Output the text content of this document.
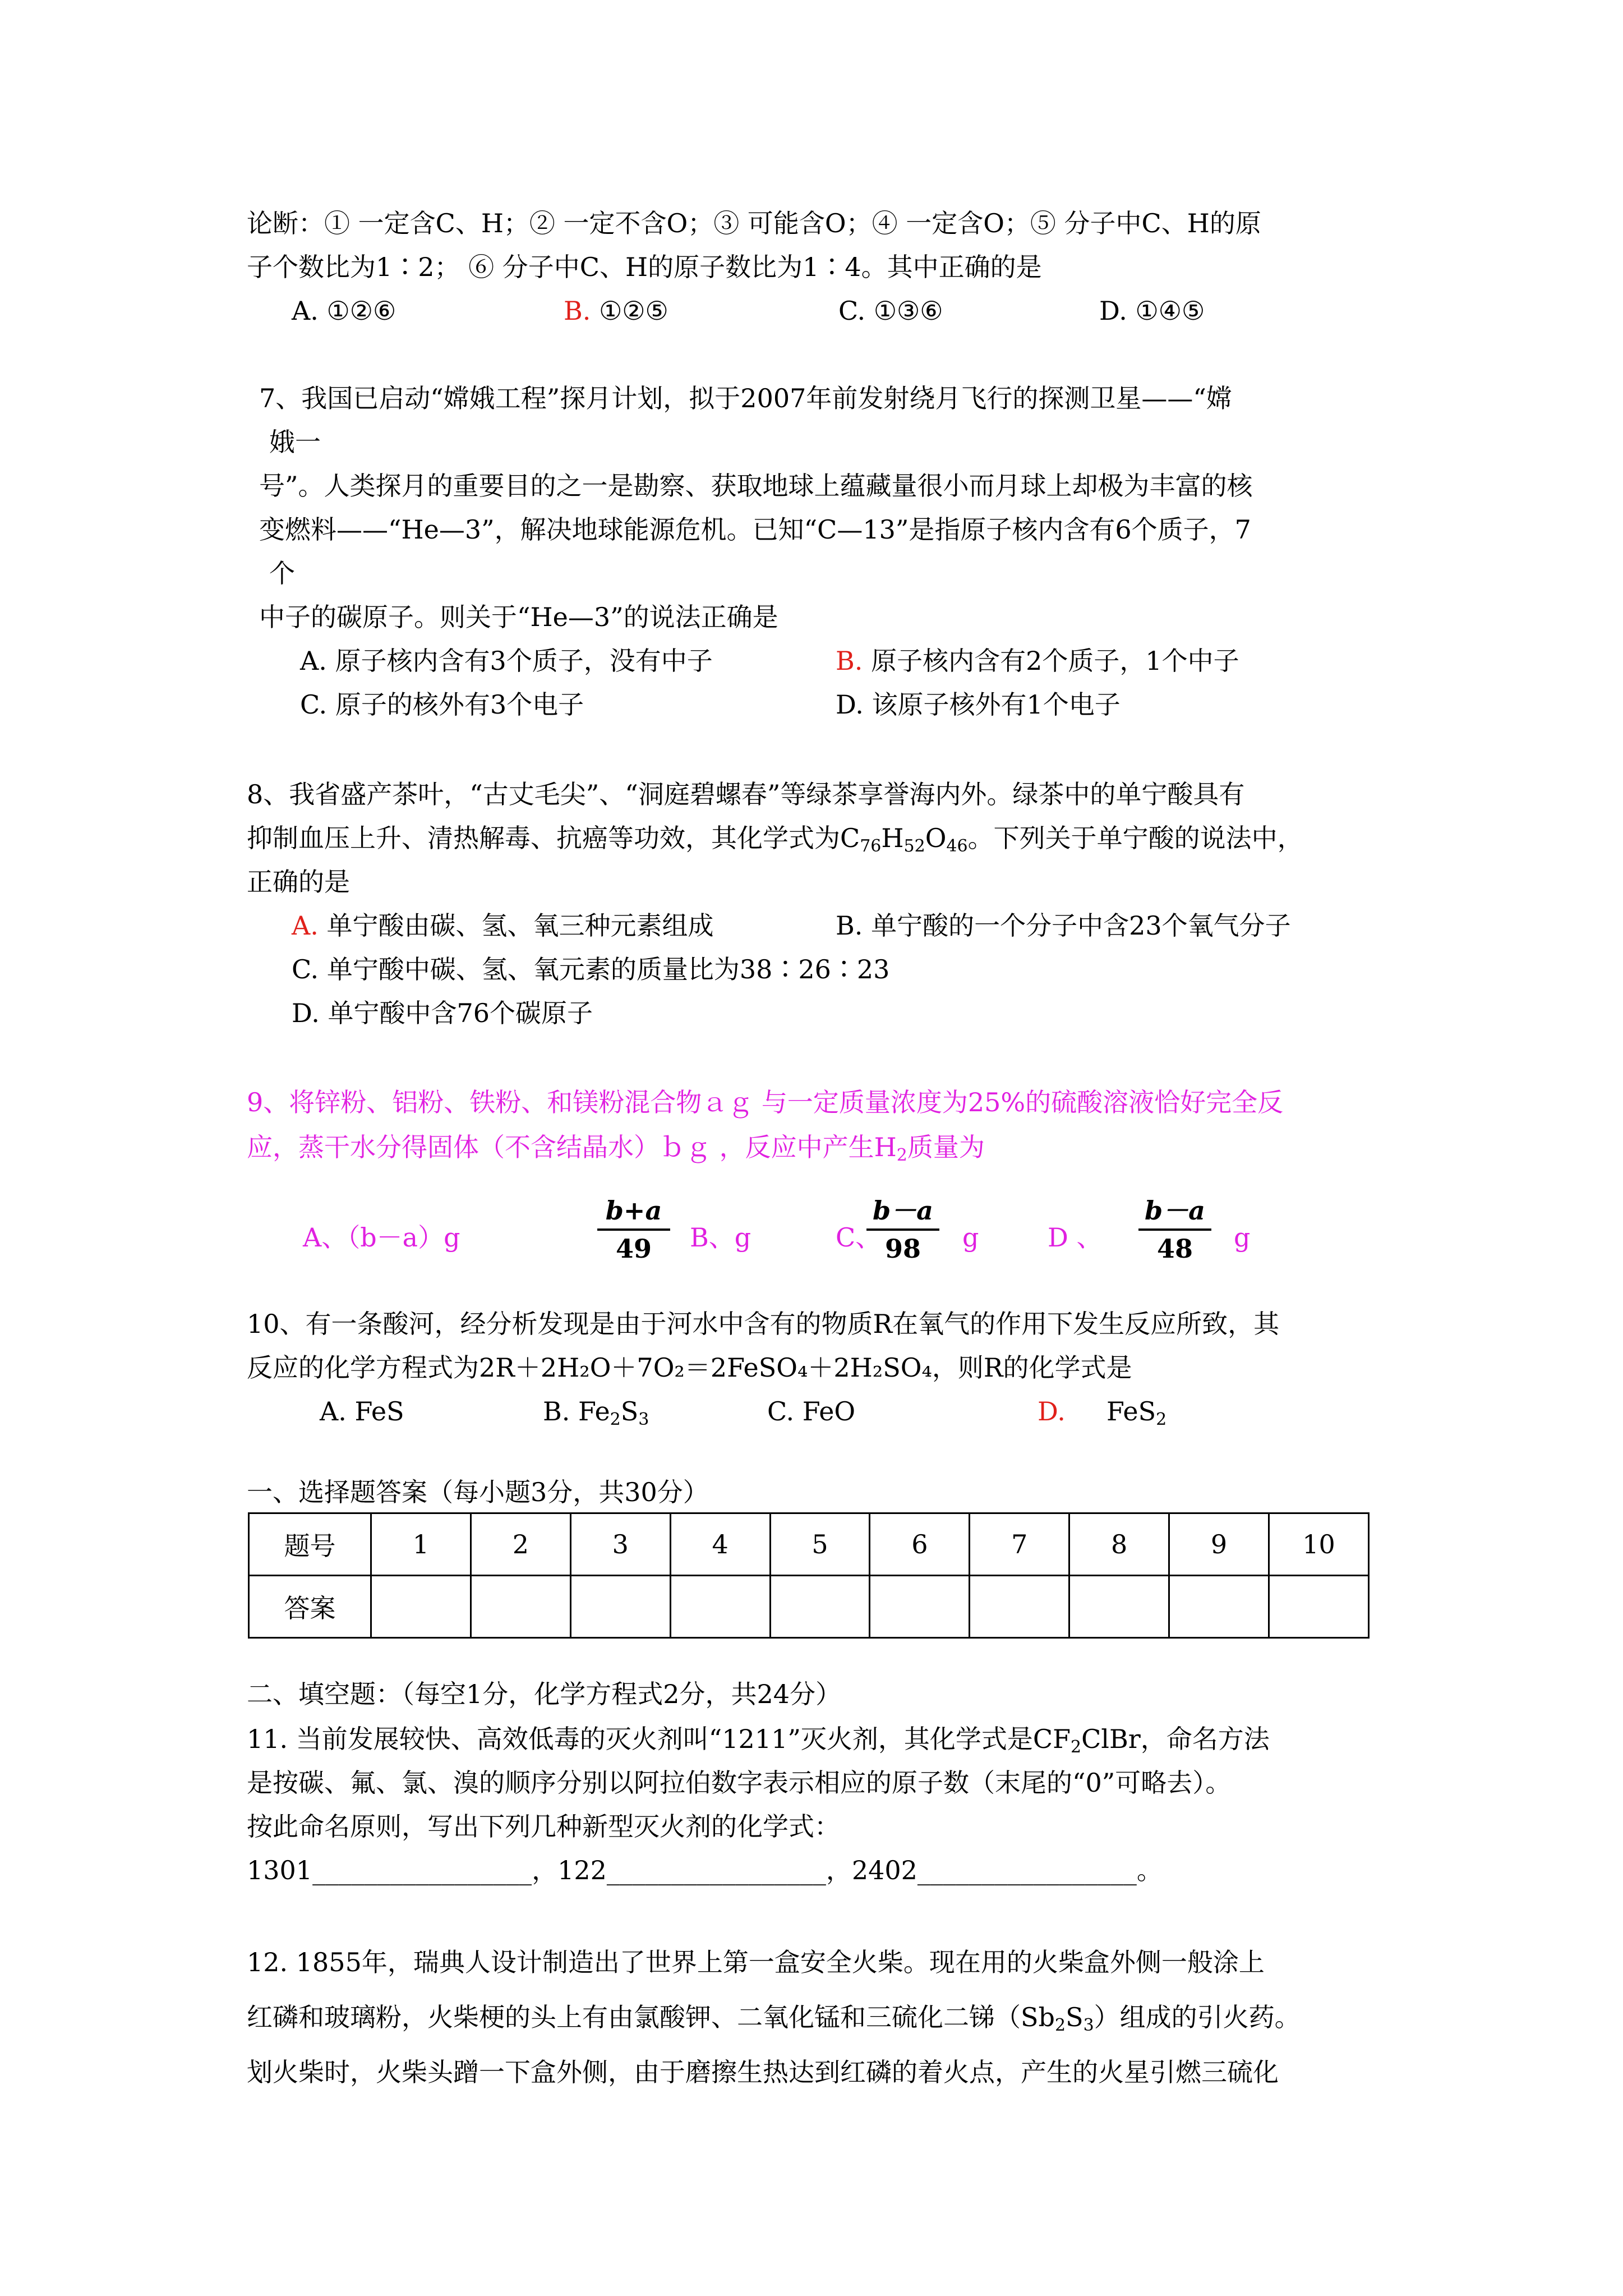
论断：① 一定含C、H；② 一定不含O；③ 可能含O；④ 一定含O；⑤ 分子中C、H的原
子个数比为1∶2； ⑥ 分子中C、H的原子数比为1∶4。其中正确的是
A. ①②⑥	B. ①②⑤	C. ①③⑥	D. ①④⑤
7、我国已启动“嫦娥工程”探月计划，拟于2007年前发射绕月飞行的探测卫星——“嫦
娥一
号”。人类探月的重要目的之一是勘察、获取地球上蕴藏量很小而月球上却极为丰富的核
变燃料——“He—3”，解决地球能源危机。已知“C—13”是指原子核内含有6个质子，7
个
中子的碳原子。则关于“He—3”的说法正确是
A. 原子核内含有3个质子，没有中子	B. 原子核内含有2个质子，1个中子
C. 原子的核外有3个电子	D. 该原子核外有1个电子
8、我省盛产茶叶，“古丈毛尖”、“洞庭碧螺春”等绿茶享誉海内外。绿茶中的单宁酸具有
抑制血压上升、清热解毒、抗癌等功效，其化学式为$C_{76}H_{52}O_{46}$。下列关于单宁酸的说法中，
正确的是
A. 单宁酸由碳、氢、氧三种元素组成	B. 单宁酸的一个分子中含23个氧气分子
C. 单宁酸中碳、氢、氧元素的质量比为38∶26∶23
D. 单宁酸中含76个碳原子
9、将锌粉、铝粉、铁粉、和镁粉混合物ａｇ 与一定质量浓度为25%的硫酸溶液恰好完全反
应，蒸干水分得固体（不含结晶水）ｂｇ ，反应中产生$H_2$质量为
A、（b－a）g	$\frac{b+a}{49}$ B、g	C、
$\frac{b-a}{98}$ g	D 、 $\frac{b-a}{48}$ g
10、有一条酸河，经分析发现是由于河水中含有的物质R在氧气的作用下发生反应所致，其
反应的化学方程式为2R＋2H₂O＋7O₂＝2FeSO₄＋2H₂SO₄，则R的化学式是
A. FeS	B. $Fe_2S_3$	C. FeO	D. FeS$_2$
一、选择题答案（每小题3分，共30分）
题号	1	2	3	4	5	6	7	8	9	10
答案										
二、填空题：（每空1分，化学方程式2分，共24分）
11. 当前发展较快、高效低毒的灭火剂叫“1211”灭火剂，其化学式是$CF_2ClBr$，命名方法
是按碳、氟、氯、溴的顺序分别以阿拉伯数字表示相应的原子数（末尾的“0”可略去）。
按此命名原则，写出下列几种新型灭火剂的化学式：
1301_________________，122_________________，2402_________________。
12. 1855年，瑞典人设计制造出了世界上第一盒安全火柴。现在用的火柴盒外侧一般涂上
红磷和玻璃粉，火柴梗的头上有由氯酸钾、二氧化锰和三硫化二锑$(Sb_2S_3)$组成的引火药。
划火柴时，火柴头蹭一下盒外侧，由于磨擦生热达到红磷的着火点，产生的火星引燃三硫化
